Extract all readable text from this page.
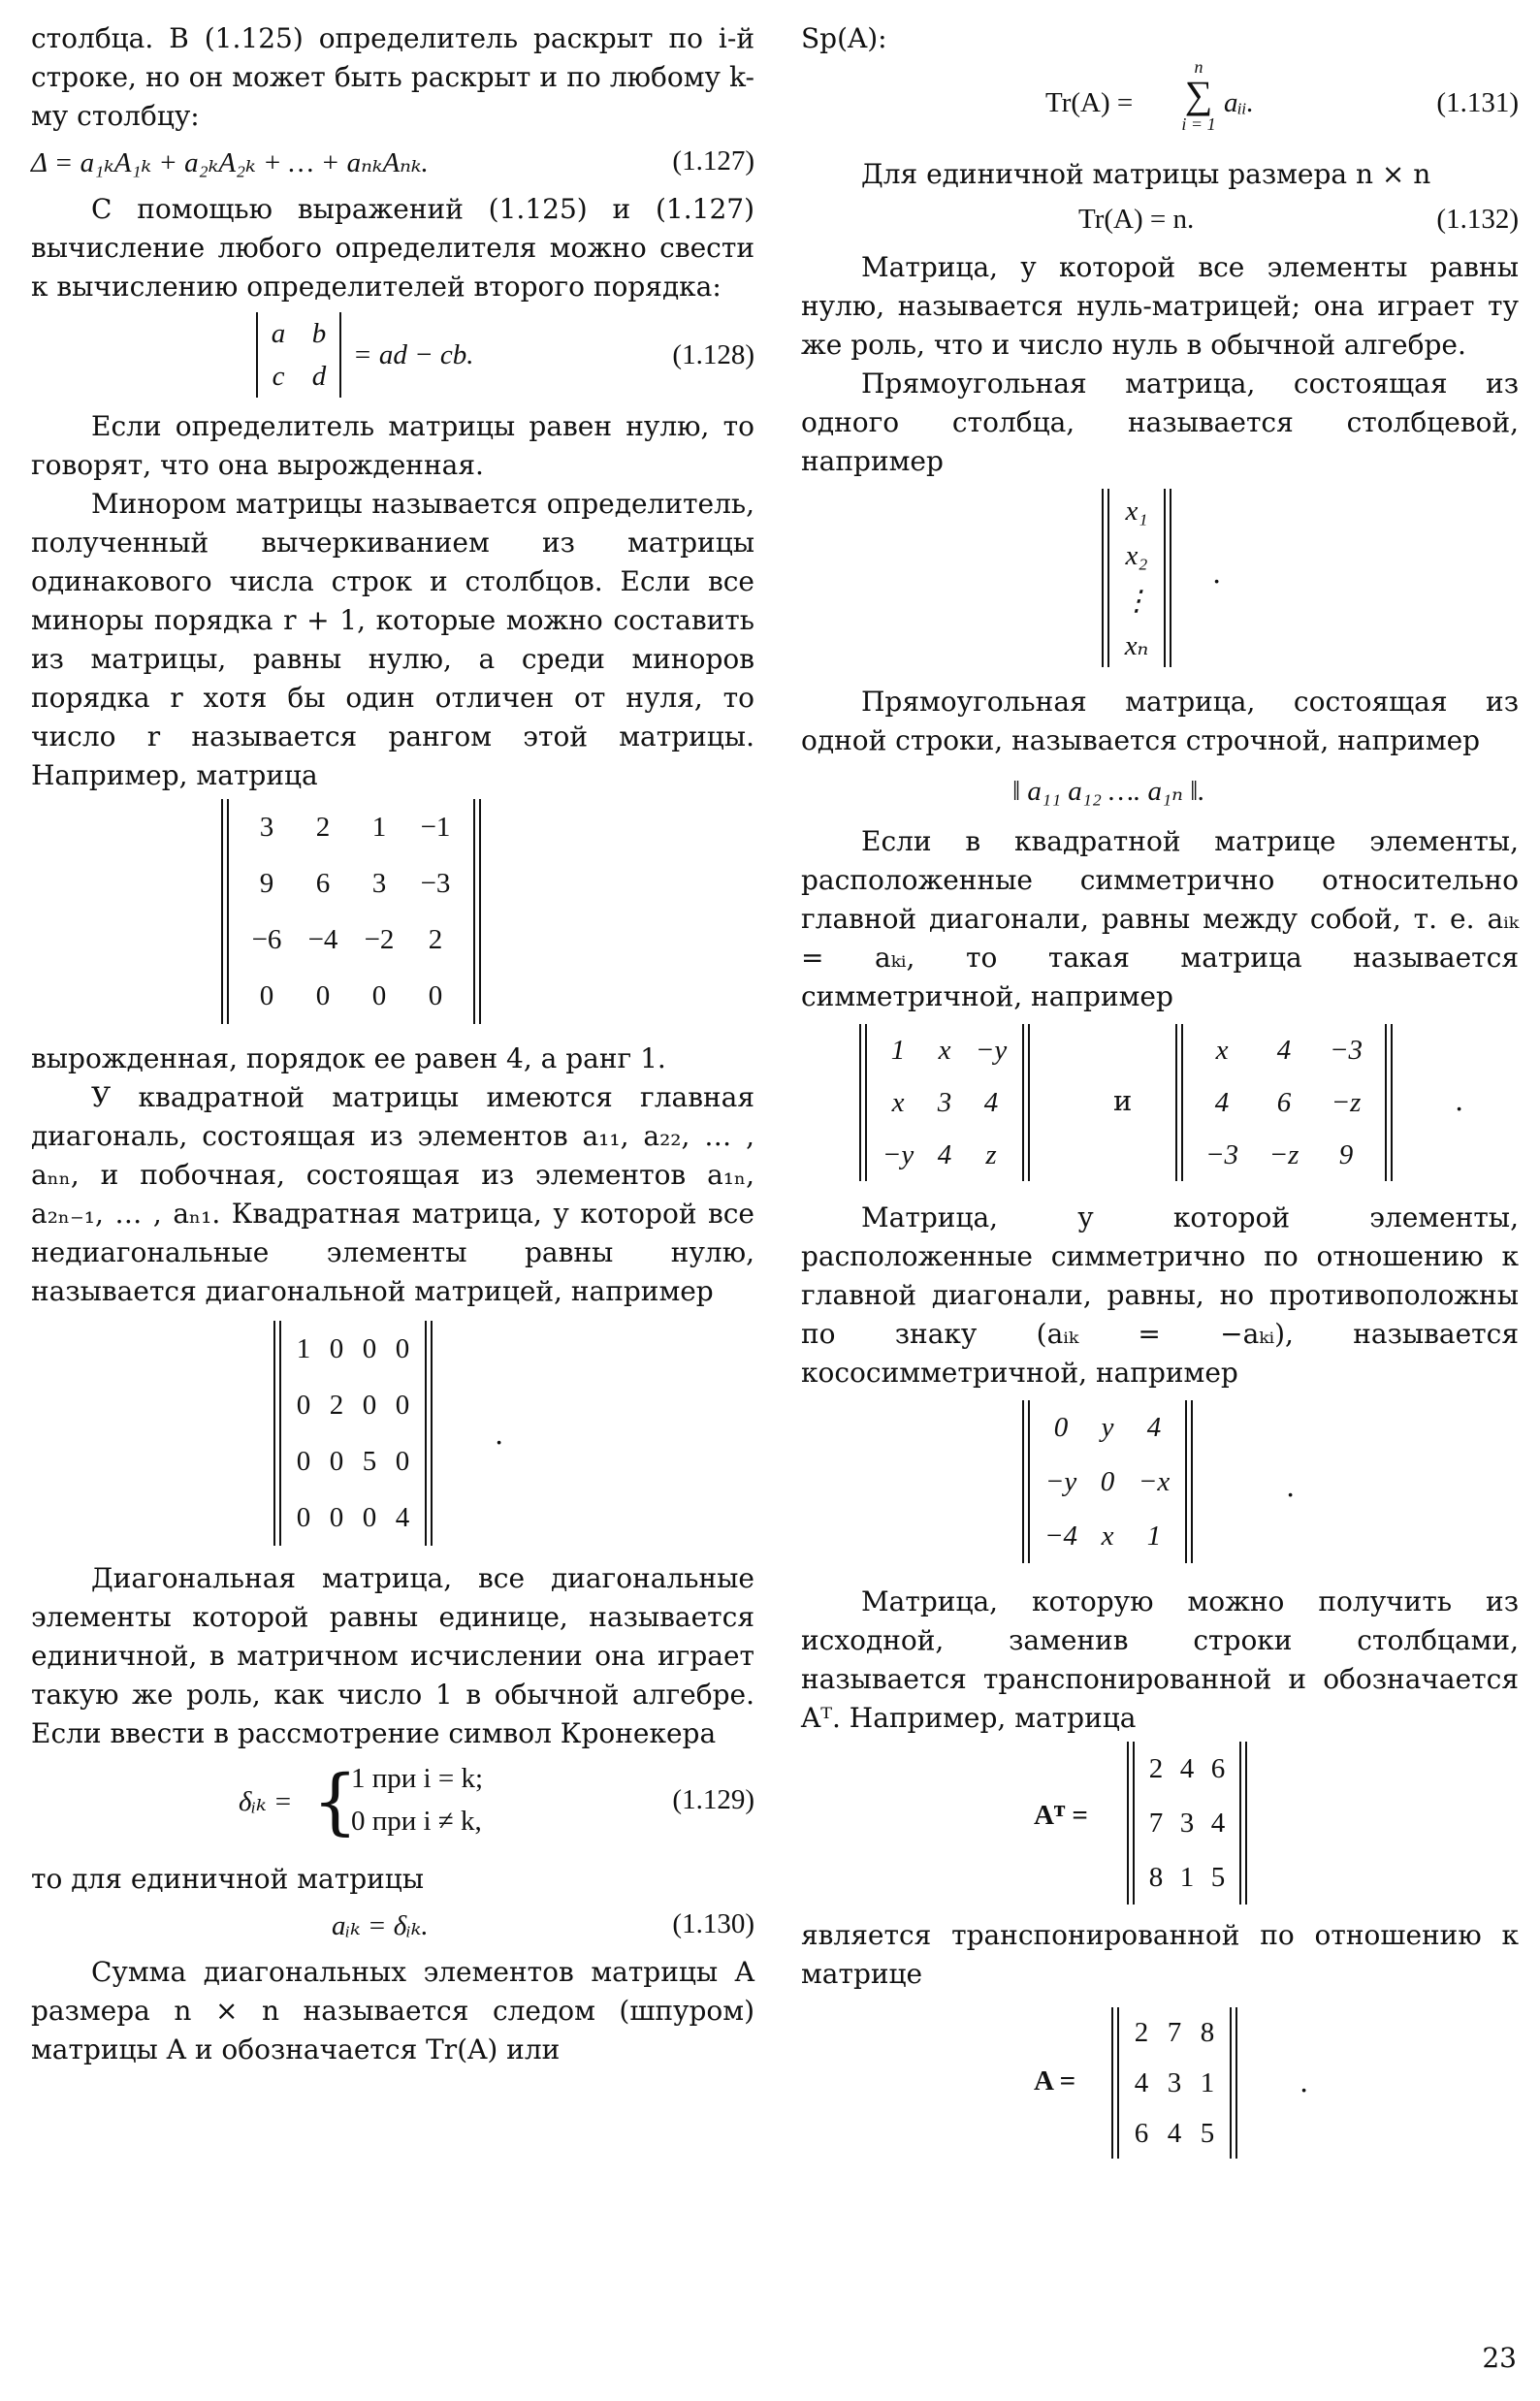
столбца. В (1.125) определитель раскрыт по i-й строке, но он может быть раскрыт и по любому k-му столбцу:

Δ = a₁ₖA₁ₖ + a₂ₖA₂ₖ + … + aₙₖAₙₖ.	(1.127)

С помощью выражений (1.125) и (1.127) вычисление любого определителя можно свести к вычислению определителей второго порядка:

a	b
c	d
= ad − cb.	(1.128)

Если определитель матрицы равен нулю, то говорят, что она вырожденная.

Минором матрицы называется определитель, полученный вычеркиванием из матрицы одинакового числа строк и столбцов. Если все миноры порядка r + 1, которые можно составить из матрицы, равны нулю, а среди миноров порядка r хотя бы один отличен от нуля, то число r называется рангом этой матрицы. Например, матрица

3	2	1	−1
9	6	3	−3
−6	−4	−2	2
0	0	0	0

вырожденная, порядок ее равен 4, а ранг 1.

У квадратной матрицы имеются главная диагональ, состоящая из элементов a₁₁, a₂₂, … , aₙₙ, и побочная, состоящая из элементов a₁ₙ, a₂ₙ₋₁, … , aₙ₁. Квадратная матрица, у которой все недиагональные элементы равны нулю, называется диагональной матрицей, например

1	0	0	0
0	2	0	0
0	0	5	0
0	0	0	4
.

Диагональная матрица, все диагональные элементы которой равны единице, называется единичной, в матричном исчислении она играет такую же роль, как число 1 в обычной алгебре. Если ввести в рассмотрение символ Кронекера

δᵢₖ = {
1 при i = k;
0 при i ≠ k,
(1.129)

то для единичной матрицы

aᵢₖ = δᵢₖ.	(1.130)

Сумма диагональных элементов матрицы A размера n × n называется следом (шпуром) матрицы A и обозначается Tr(A) или

Sp(A):

Tr(A) =
n
∑
i = 1
aᵢᵢ.	(1.131)

Для единичной матрицы размера n × n

Tr(A) = n.	(1.132)

Матрица, у которой все элементы равны нулю, называется нуль-матрицей; она играет ту же роль, что и число нуль в обычной алгебре.

Прямоугольная матрица, состоящая из одного столбца, называется столбцевой, например

x₁
x₂
⋮
xₙ
.

Прямоугольная матрица, состоящая из одной строки, называется строчной, например

‖ a₁₁ a₁₂ …. a₁ₙ ‖.

Если в квадратной матрице элементы, расположенные симметрично относительно главной диагонали, равны между собой, т. е. aᵢₖ = aₖᵢ, то такая матрица называется симметричной, например

1	x	−y
x	3	4
−y	4	z
и
x	4	−3
4	6	−z
−3	−z	9
.

Матрица, у которой элементы, расположенные симметрично по отношению к главной диагонали, равны, но противоположны по знаку (aᵢₖ = −aₖᵢ), называется кососимметричной, например

0	y	4
−y	0	−x
−4	x	1
.

Матрица, которую можно получить из исходной, заменив строки столбцами, называется транспонированной и обозначается Aᵀ. Например, матрица

Aᵀ =
2	4	6
7	3	4
8	1	5

является транспонированной по отношению к матрице

A =
2	7	8
4	3	1
6	4	5
.
23
